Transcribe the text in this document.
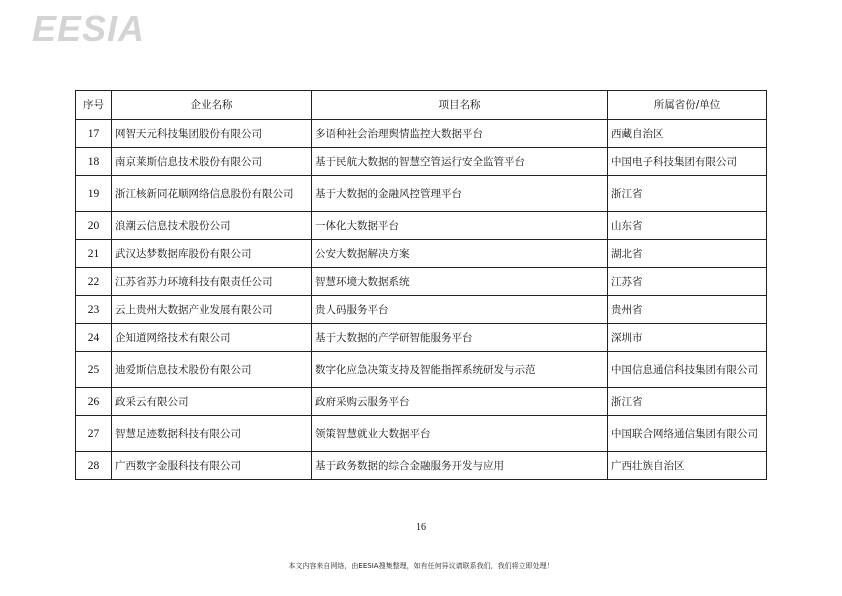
EESIA
序号	企业名称	项目名称	所属省份/单位
17	网智天元科技集团股份有限公司	多语种社会治理舆情监控大数据平台	西藏自治区
18	南京莱斯信息技术股份有限公司	基于民航大数据的智慧空管运行安全监管平台	中国电子科技集团有限公司
19	浙江核新同花顺网络信息股份有限公司	基于大数据的金融风控管理平台	浙江省
20	浪潮云信息技术股份公司	一体化大数据平台	山东省
21	武汉达梦数据库股份有限公司	公安大数据解决方案	湖北省
22	江苏省苏力环境科技有限责任公司	智慧环境大数据系统	江苏省
23	云上贵州大数据产业发展有限公司	贵人码服务平台	贵州省
24	企知道网络技术有限公司	基于大数据的产学研智能服务平台	深圳市
25	迪爱斯信息技术股份有限公司	数字化应急决策支持及智能指挥系统研发与示范	中国信息通信科技集团有限公司
26	政采云有限公司	政府采购云服务平台	浙江省
27	智慧足迹数据科技有限公司	领策智慧就业大数据平台	中国联合网络通信集团有限公司
28	广西数字金服科技有限公司	基于政务数据的综合金融服务开发与应用	广西壮族自治区
16
本文内容来自网络，由EESIA搜集整理，如有任何异议请联系我们，我们将立即处理！
